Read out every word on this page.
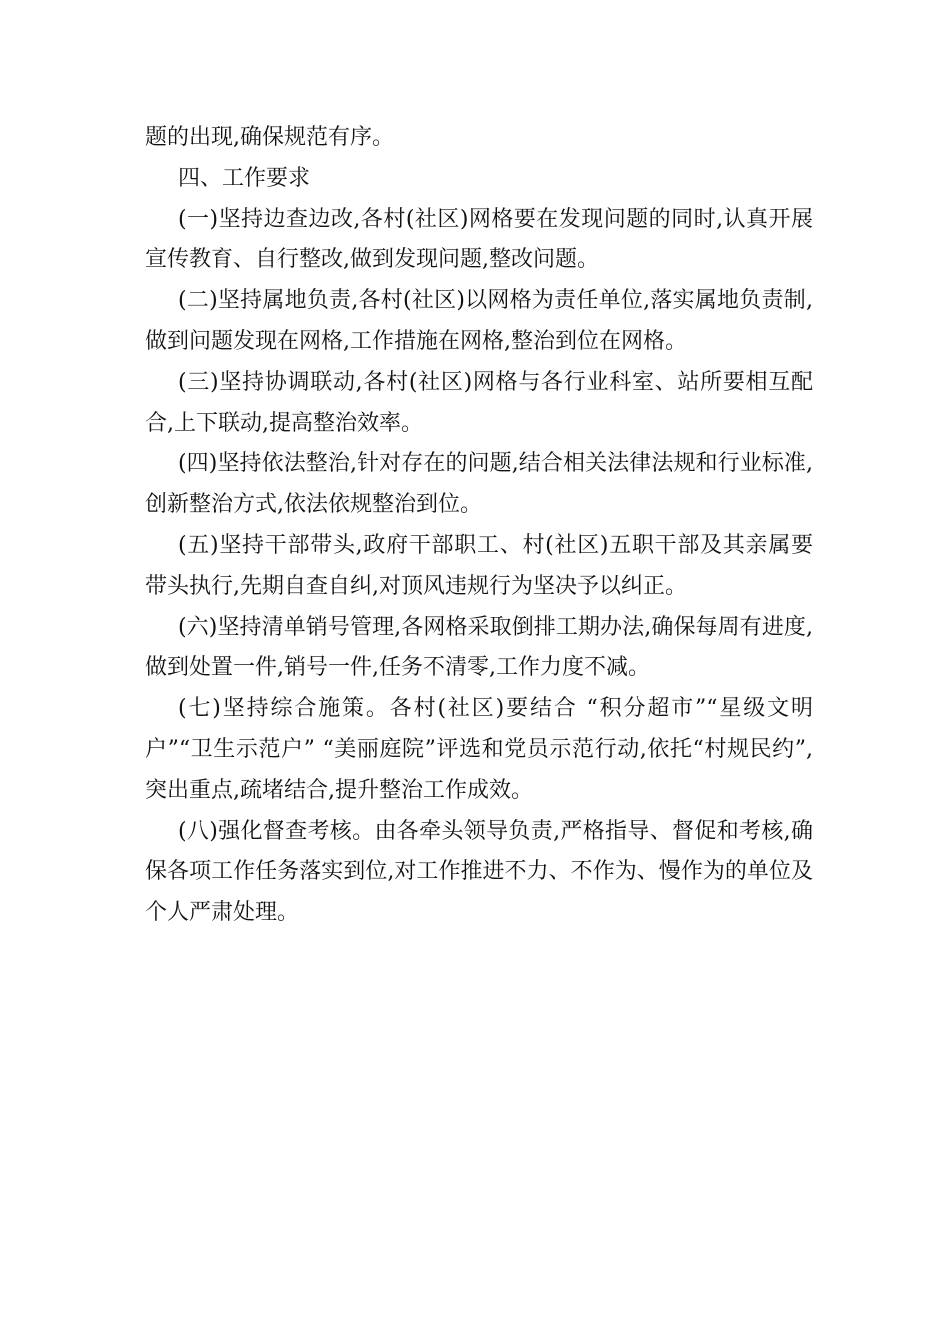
题的出现,确保规范有序。

四、工作要求

(一)坚持边查边改,各村(社区)网格要在发现问题的同时,认真开展宣传教育、自行整改,做到发现问题,整改问题。

(二)坚持属地负责,各村(社区)以网格为责任单位,落实属地负责制,做到问题发现在网格,工作措施在网格,整治到位在网格。

(三)坚持协调联动,各村(社区)网格与各行业科室、站所要相互配合,上下联动,提高整治效率。

(四)坚持依法整治,针对存在的问题,结合相关法律法规和行业标准,创新整治方式,依法依规整治到位。

(五)坚持干部带头,政府干部职工、村(社区)五职干部及其亲属要带头执行,先期自查自纠,对顶风违规行为坚决予以纠正。

(六)坚持清单销号管理,各网格采取倒排工期办法,确保每周有进度,做到处置一件,销号一件,任务不清零,工作力度不减。

(七)坚持综合施策。各村(社区)要结合 “积分超市”“星级文明户”“卫生示范户” “美丽庭院”评选和党员示范行动,依托“村规民约”,突出重点,疏堵结合,提升整治工作成效。

(八)强化督查考核。由各牵头领导负责,严格指导、督促和考核,确保各项工作任务落实到位,对工作推进不力、不作为、慢作为的单位及个人严肃处理。
